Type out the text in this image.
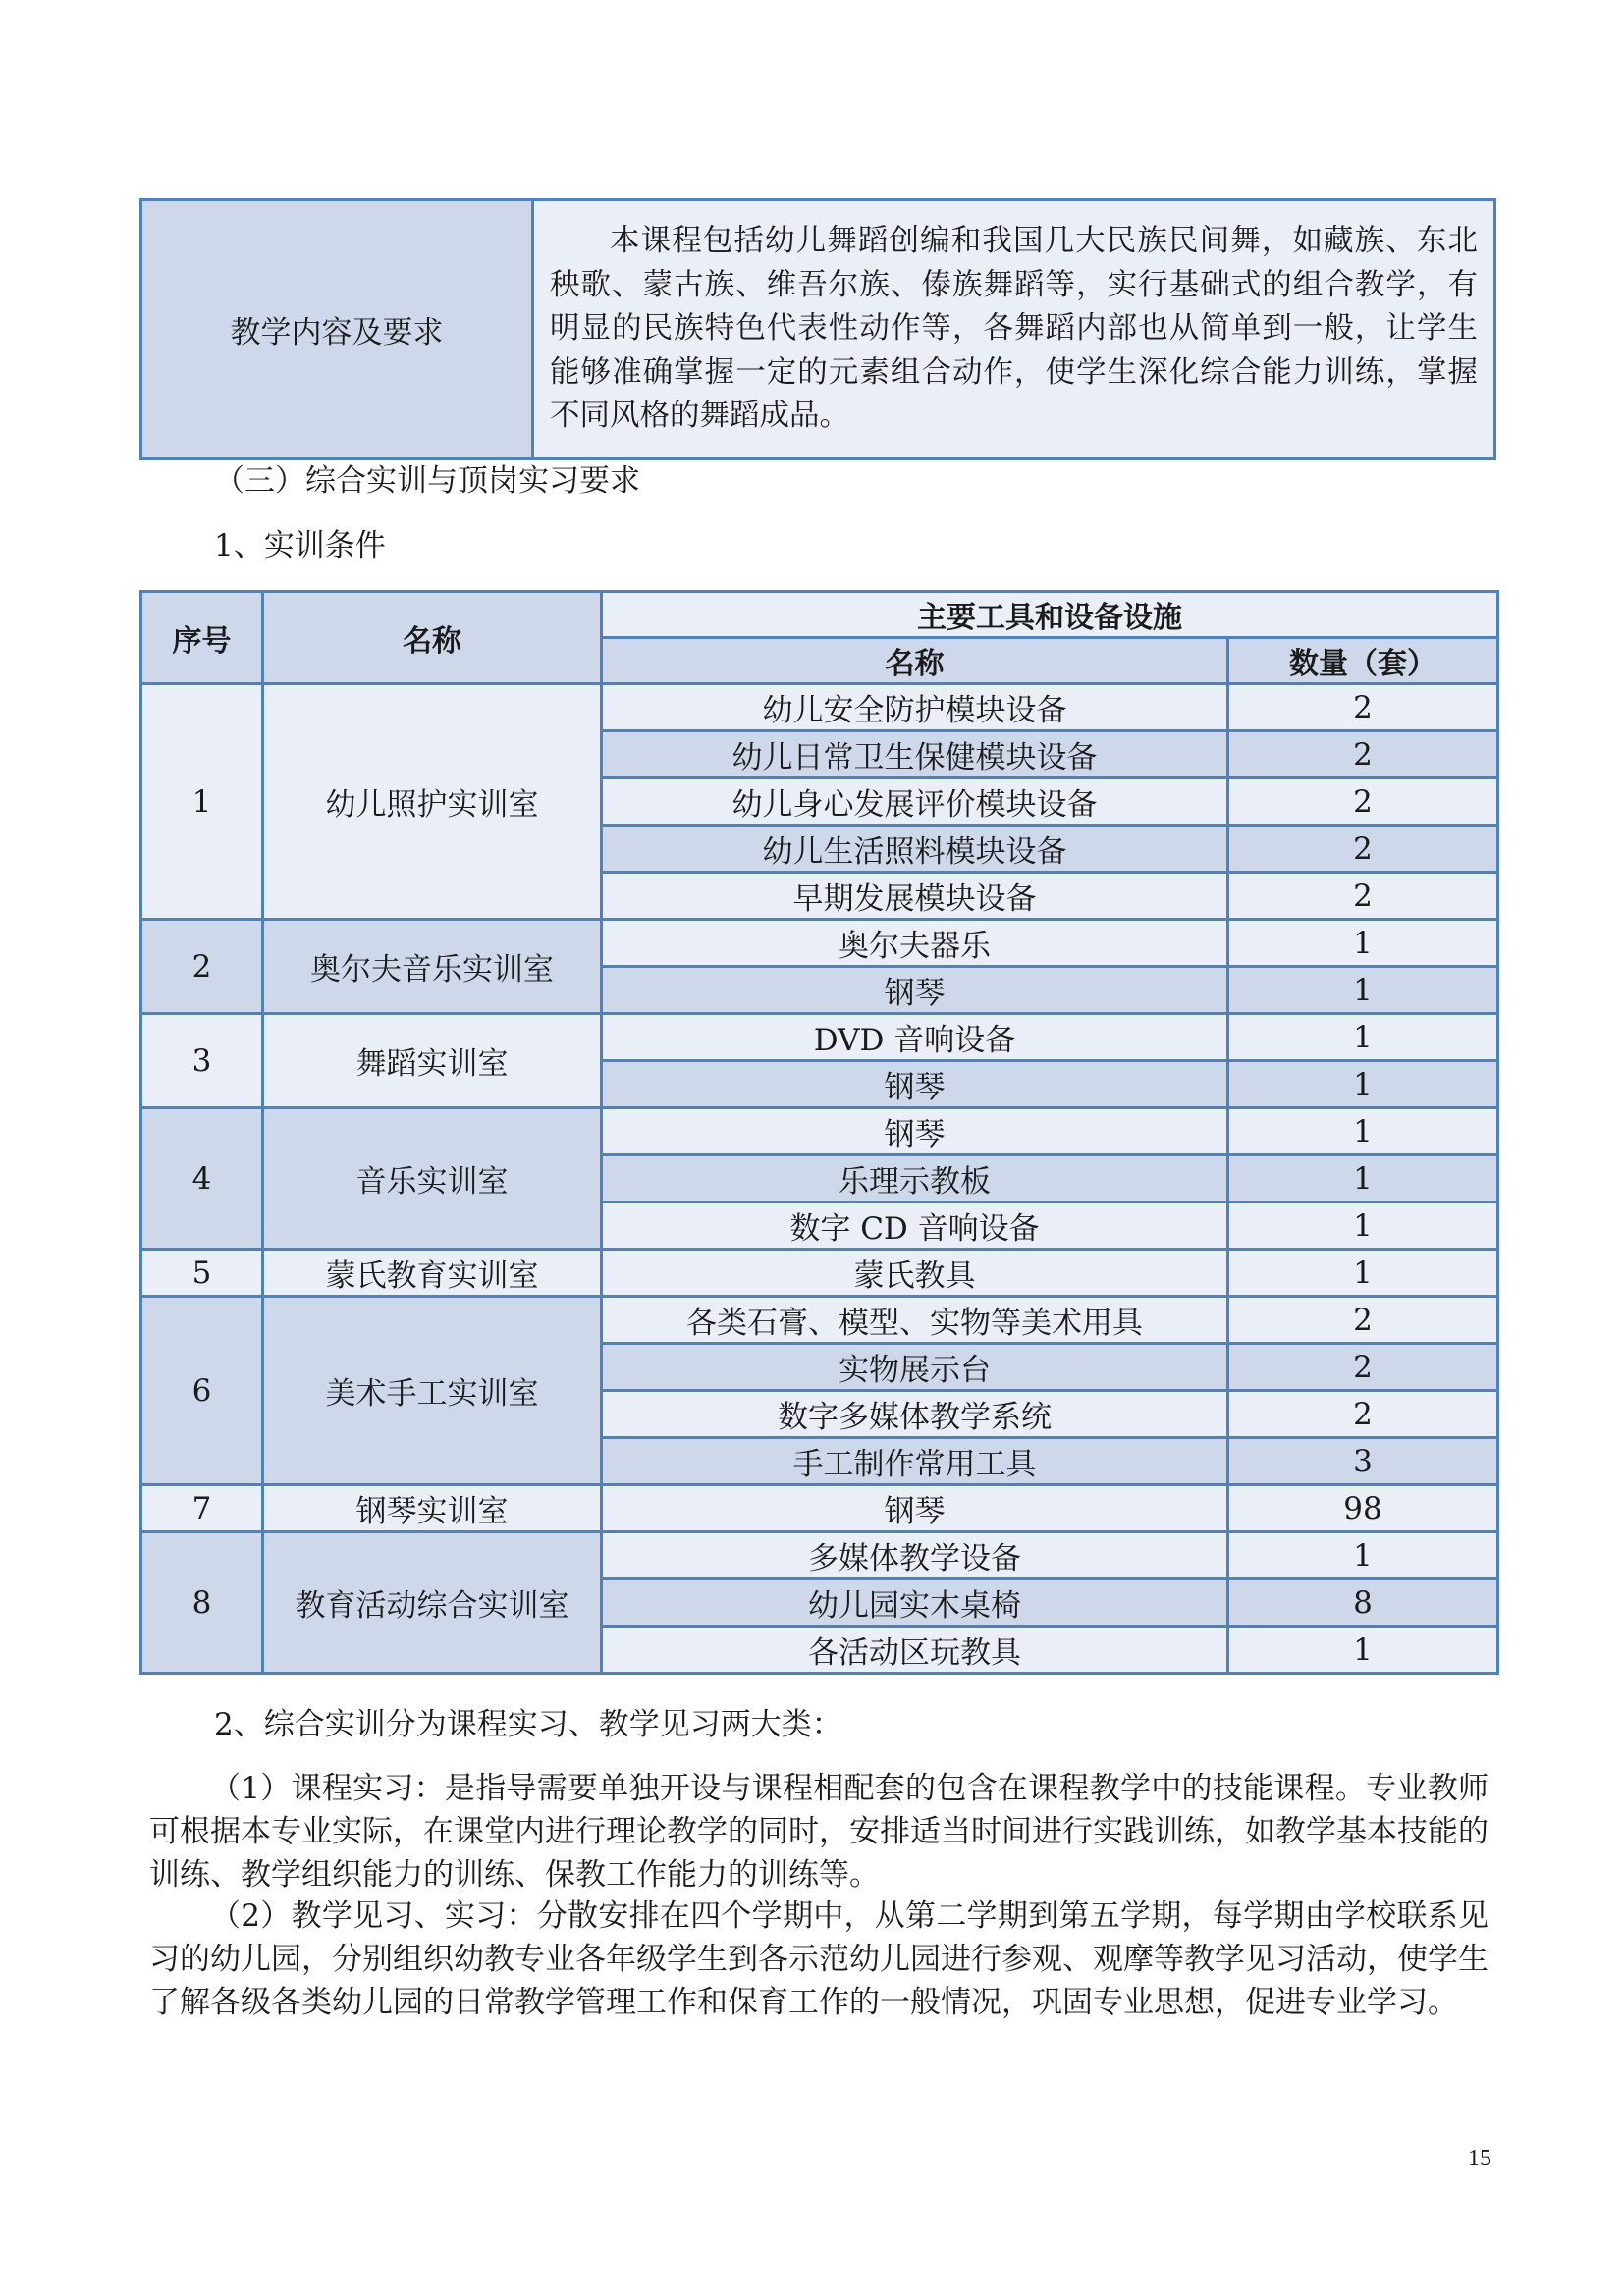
教学内容及要求	本课程包括幼儿舞蹈创编和我国几大民族民间舞，如藏族、东北秧歌、蒙古族、维吾尔族、傣族舞蹈等，实行基础式的组合教学，有明显的民族特色代表性动作等，各舞蹈内部也从简单到一般，让学生能够准确掌握一定的元素组合动作，使学生深化综合能力训练，掌握不同风格的舞蹈成品。

（三）综合实训与顶岗实习要求

1、实训条件

序号	名称	主要工具和设备设施	
		名称	数量（套）
1	幼儿照护实训室	幼儿安全防护模块设备	2
		幼儿日常卫生保健模块设备	2
		幼儿身心发展评价模块设备	2
		幼儿生活照料模块设备	2
		早期发展模块设备	2
2	奥尔夫音乐实训室	奥尔夫器乐	1
		钢琴	1
3	舞蹈实训室	DVD 音响设备	1
		钢琴	1
4	音乐实训室	钢琴	1
		乐理示教板	1
		数字 CD 音响设备	1
5	蒙氏教育实训室	蒙氏教具	1
6	美术手工实训室	各类石膏、模型、实物等美术用具	2
		实物展示台	2
		数字多媒体教学系统	2
		手工制作常用工具	3
7	钢琴实训室	钢琴	98
8	教育活动综合实训室	多媒体教学设备	1
		幼儿园实木桌椅	8
		各活动区玩教具	1

2、综合实训分为课程实习、教学见习两大类：

（1）课程实习：是指导需要单独开设与课程相配套的包含在课程教学中的技能课程。专业教师可根据本专业实际，在课堂内进行理论教学的同时，安排适当时间进行实践训练，如教学基本技能的训练、教学组织能力的训练、保教工作能力的训练等。

（2）教学见习、实习：分散安排在四个学期中，从第二学期到第五学期，每学期由学校联系见习的幼儿园，分别组织幼教专业各年级学生到各示范幼儿园进行参观、观摩等教学见习活动，使学生了解各级各类幼儿园的日常教学管理工作和保育工作的一般情况，巩固专业思想，促进专业学习。

15
